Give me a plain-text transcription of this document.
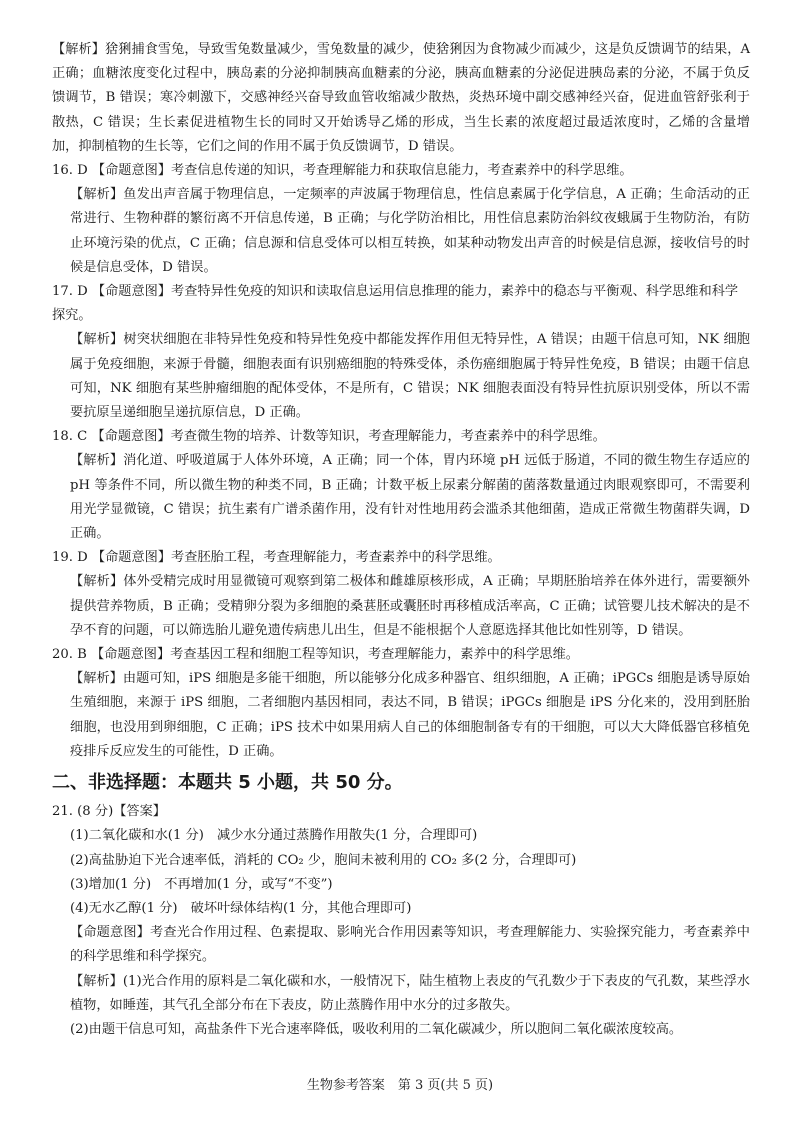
【解析】猞猁捕食雪兔，导致雪兔数量减少，雪兔数量的减少，使猞猁因为食物减少而减少，这是负反馈调节的结果，A 正确；血糖浓度变化过程中，胰岛素的分泌抑制胰高血糖素的分泌，胰高血糖素的分泌促进胰岛素的分泌，不属于负反馈调节，B 错误；寒冷刺激下，交感神经兴奋导致血管收缩减少散热，炎热环境中副交感神经兴奋，促进血管舒张利于散热，C 错误；生长素促进植物生长的同时又开始诱导乙烯的形成，当生长素的浓度超过最适浓度时，乙烯的含量增加，抑制植物的生长等，它们之间的作用不属于负反馈调节，D 错误。

16. D 【命题意图】考查信息传递的知识，考查理解能力和获取信息能力，考查素养中的科学思维。

【解析】鱼发出声音属于物理信息，一定频率的声波属于物理信息，性信息素属于化学信息，A 正确；生命活动的正常进行、生物种群的繁衍离不开信息传递，B 正确；与化学防治相比，用性信息素防治斜纹夜蛾属于生物防治，有防止环境污染的优点，C 正确；信息源和信息受体可以相互转换，如某种动物发出声音的时候是信息源，接收信号的时候是信息受体，D 错误。

17. D 【命题意图】考查特异性免疫的知识和读取信息运用信息推理的能力，素养中的稳态与平衡观、科学思维和科学探究。

【解析】树突状细胞在非特异性免疫和特异性免疫中都能发挥作用但无特异性，A 错误；由题干信息可知，NK 细胞属于免疫细胞，来源于骨髓，细胞表面有识别癌细胞的特殊受体，杀伤癌细胞属于特异性免疫，B 错误；由题干信息可知，NK 细胞有某些肿瘤细胞的配体受体，不是所有，C 错误；NK 细胞表面没有特异性抗原识别受体，所以不需要抗原呈递细胞呈递抗原信息，D 正确。

18. C 【命题意图】考查微生物的培养、计数等知识，考查理解能力，考查素养中的科学思维。

【解析】消化道、呼吸道属于人体外环境，A 正确；同一个体，胃内环境 pH 远低于肠道，不同的微生物生存适应的 pH 等条件不同，所以微生物的种类不同，B 正确；计数平板上尿素分解菌的菌落数量通过肉眼观察即可，不需要利用光学显微镜，C 错误；抗生素有广谱杀菌作用，没有针对性地用药会滥杀其他细菌，造成正常微生物菌群失调，D 正确。

19. D 【命题意图】考查胚胎工程，考查理解能力，考查素养中的科学思维。

【解析】体外受精完成时用显微镜可观察到第二极体和雌雄原核形成，A 正确；早期胚胎培养在体外进行，需要额外提供营养物质，B 正确；受精卵分裂为多细胞的桑葚胚或囊胚时再移植成活率高，C 正确；试管婴儿技术解决的是不孕不育的问题，可以筛选胎儿避免遗传病患儿出生，但是不能根据个人意愿选择其他比如性别等，D 错误。

20. B 【命题意图】考查基因工程和细胞工程等知识，考查理解能力，素养中的科学思维。

【解析】由题可知，iPS 细胞是多能干细胞，所以能够分化成多种器官、组织细胞，A 正确；iPGCs 细胞是诱导原始生殖细胞，来源于 iPS 细胞，二者细胞内基因相同，表达不同，B 错误；iPGCs 细胞是 iPS 分化来的，没用到胚胎细胞，也没用到卵细胞，C 正确；iPS 技术中如果用病人自己的体细胞制备专有的干细胞，可以大大降低器官移植免疫排斥反应发生的可能性，D 正确。

二、非选择题：本题共 5 小题，共 50 分。

21. (8 分)【答案】

(1)二氧化碳和水(1 分)　减少水分通过蒸腾作用散失(1 分，合理即可)

(2)高盐胁迫下光合速率低，消耗的 CO₂ 少，胞间未被利用的 CO₂ 多(2 分，合理即可)

(3)增加(1 分)　不再增加(1 分，或写“不变”)

(4)无水乙醇(1 分)　破坏叶绿体结构(1 分，其他合理即可)

【命题意图】考查光合作用过程、色素提取、影响光合作用因素等知识，考查理解能力、实验探究能力，考查素养中的科学思维和科学探究。

【解析】(1)光合作用的原料是二氧化碳和水，一般情况下，陆生植物上表皮的气孔数少于下表皮的气孔数，某些浮水植物，如睡莲，其气孔全部分布在下表皮，防止蒸腾作用中水分的过多散失。

(2)由题干信息可知，高盐条件下光合速率降低，吸收利用的二氧化碳减少，所以胞间二氧化碳浓度较高。

生物参考答案　第 3 页(共 5 页)
